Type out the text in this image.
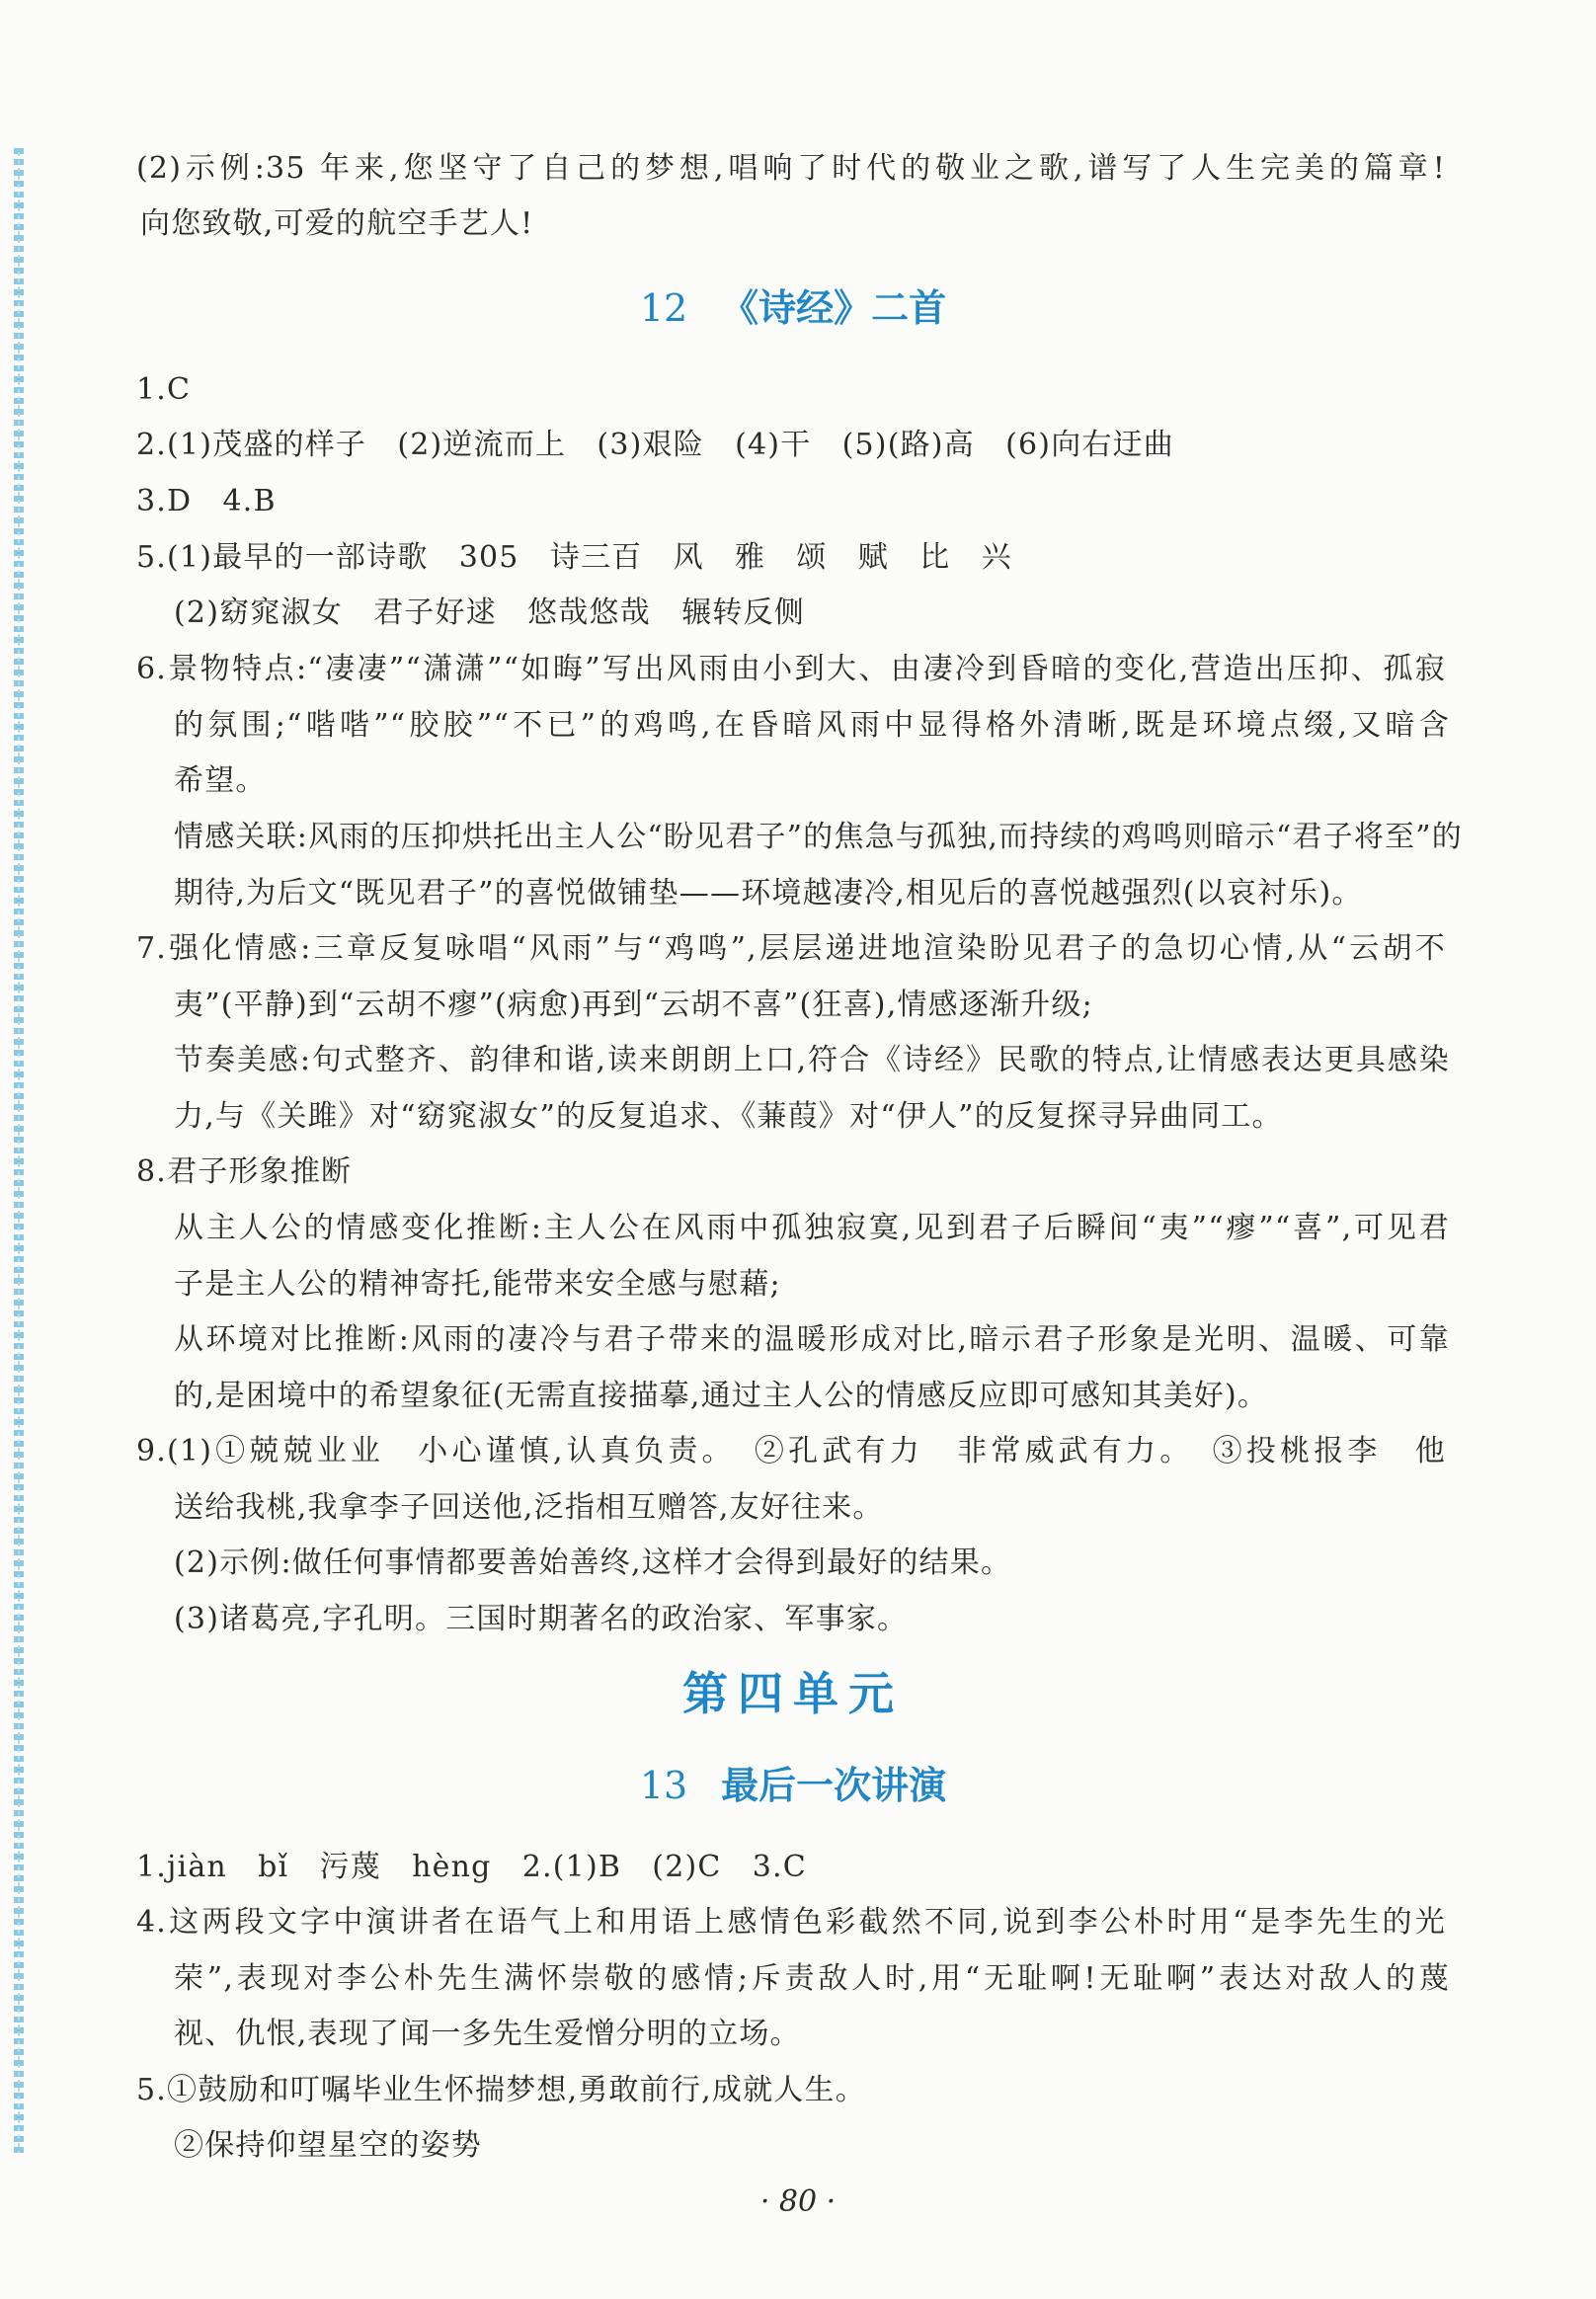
(2)示例:35 年来,您坚守了自己的梦想,唱响了时代的敬业之歌,谱写了人生完美的篇章!
向您致敬,可爱的航空手艺人!
12 《诗经》二首
1.C
2.(1)茂盛的样子　(2)逆流而上　(3)艰险　(4)干　(5)(路)高　(6)向右迂曲
3.D　4.B
5.(1)最早的一部诗歌　305　诗三百　风　雅　颂　赋　比　兴
(2)窈窕淑女　君子好逑　悠哉悠哉　辗转反侧
6.景物特点:“凄凄”“潇潇”“如晦”写出风雨由小到大、由凄冷到昏暗的变化,营造出压抑、孤寂
的氛围;“喈喈”“胶胶”“不已”的鸡鸣,在昏暗风雨中显得格外清晰,既是环境点缀,又暗含
希望。
情感关联:风雨的压抑烘托出主人公“盼见君子”的焦急与孤独,而持续的鸡鸣则暗示“君子将至”的
期待,为后文“既见君子”的喜悦做铺垫——环境越凄冷,相见后的喜悦越强烈(以哀衬乐)。
7.强化情感:三章反复咏唱“风雨”与“鸡鸣”,层层递进地渲染盼见君子的急切心情,从“云胡不
夷”(平静)到“云胡不瘳”(病愈)再到“云胡不喜”(狂喜),情感逐渐升级;
节奏美感:句式整齐、韵律和谐,读来朗朗上口,符合《诗经》民歌的特点,让情感表达更具感染
力,与《关雎》对“窈窕淑女”的反复追求、《蒹葭》对“伊人”的反复探寻异曲同工。
8.君子形象推断
从主人公的情感变化推断:主人公在风雨中孤独寂寞,见到君子后瞬间“夷”“瘳”“喜”,可见君
子是主人公的精神寄托,能带来安全感与慰藉;
从环境对比推断:风雨的凄冷与君子带来的温暖形成对比,暗示君子形象是光明、温暖、可靠
的,是困境中的希望象征(无需直接描摹,通过主人公的情感反应即可感知其美好)。
9.(1)①兢兢业业　小心谨慎,认真负责。　②孔武有力　非常威武有力。　③投桃报李　他
送给我桃,我拿李子回送他,泛指相互赠答,友好往来。
(2)示例:做任何事情都要善始善终,这样才会得到最好的结果。
(3)诸葛亮,字孔明。三国时期著名的政治家、军事家。
第四单元
13 最后一次讲演
1.jiàn　bǐ　污蔑　hèng　2.(1)B　(2)C　3.C
4.这两段文字中演讲者在语气上和用语上感情色彩截然不同,说到李公朴时用“是李先生的光
荣”,表现对李公朴先生满怀崇敬的感情;斥责敌人时,用“无耻啊!无耻啊”表达对敌人的蔑
视、仇恨,表现了闻一多先生爱憎分明的立场。
5.①鼓励和叮嘱毕业生怀揣梦想,勇敢前行,成就人生。
②保持仰望星空的姿势
· 80 ·
